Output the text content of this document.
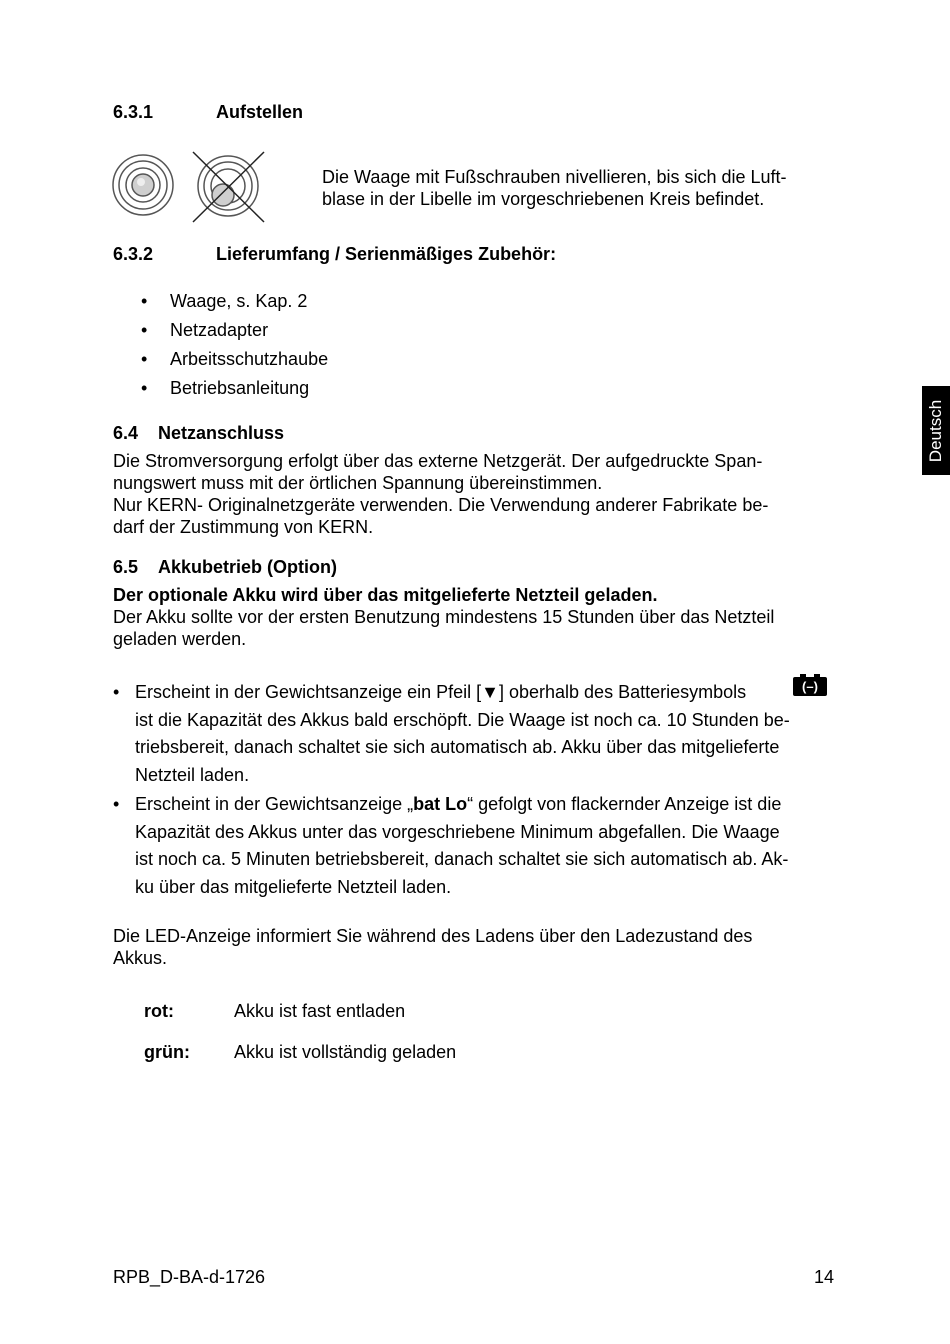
6.3.1	Aufstellen
Die Waage mit Fußschrauben nivellieren, bis sich die Luft-
blase in der Libelle im vorgeschriebenen Kreis befindet.
6.3.2	Lieferumfang / Serienmäßiges Zubehör:
• Waage, s. Kap. 2
• Netzadapter
• Arbeitsschutzhaube
• Betriebsanleitung
Deutsch
6.4 Netzanschluss
Die Stromversorgung erfolgt über das externe Netzgerät. Der aufgedruckte Span-
nungswert muss mit der örtlichen Spannung übereinstimmen.
Nur KERN- Originalnetzgeräte verwenden. Die Verwendung anderer Fabrikate be-
darf der Zustimmung von KERN.
6.5 Akkubetrieb (Option)
Der optionale Akku wird über das mitgelieferte Netzteil geladen.
Der Akku sollte vor der ersten Benutzung mindestens 15 Stunden über das Netzteil
geladen werden.
• Erscheint in der Gewichtsanzeige ein Pfeil [▼] oberhalb des Batteriesymbols
ist die Kapazität des Akkus bald erschöpft. Die Waage ist noch ca. 10 Stunden be-
triebsbereit, danach schaltet sie sich automatisch ab. Akku über das mitgelieferte
Netzteil laden.
(–)
• Erscheint in der Gewichtsanzeige „bat Lo“ gefolgt von flackernder Anzeige ist die
Kapazität des Akkus unter das vorgeschriebene Minimum abgefallen. Die Waage
ist noch ca. 5 Minuten betriebsbereit, danach schaltet sie sich automatisch ab. Ak-
ku über das mitgelieferte Netzteil laden.
Die LED-Anzeige informiert Sie während des Ladens über den Ladezustand des
Akkus.
rot:	Akku ist fast entladen
grün: Akku ist vollständig geladen
RPB_D-BA-d-1726	14
